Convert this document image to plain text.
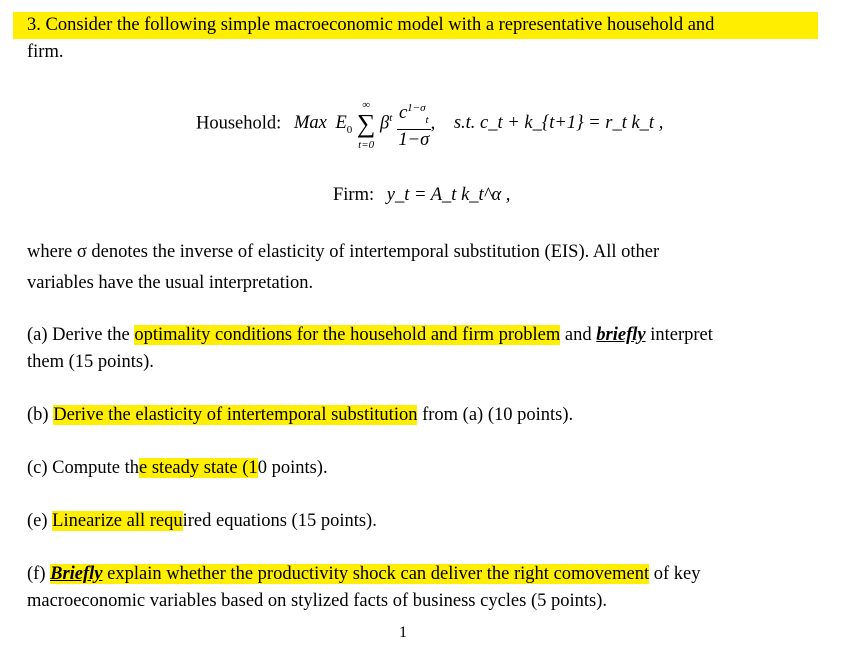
3. Consider the following simple macroeconomic model with a representative household and
firm.
Household: Max $E_0$ ∞
∑
t=0 $\beta^t \frac{c^{1-\sigma}_t}{1-\sigma}$ , s.t. c_t + k_{t+1} = r_t k_t ,
Firm: y_t = A_t k_t^α ,
where σ denotes the inverse of elasticity of intertemporal substitution (EIS). All other
variables have the usual interpretation.
(a) Derive the optimality conditions for the household and firm problem and briefly interpret
them (15 points).
(b) Derive the elasticity of intertemporal substitution from (a) (10 points).
(c) Compute the steady state (10 points).
(e) Linearize all required equations (15 points).
(f) Briefly explain whether the productivity shock can deliver the right comovement of key
macroeconomic variables based on stylized facts of business cycles (5 points).
1
